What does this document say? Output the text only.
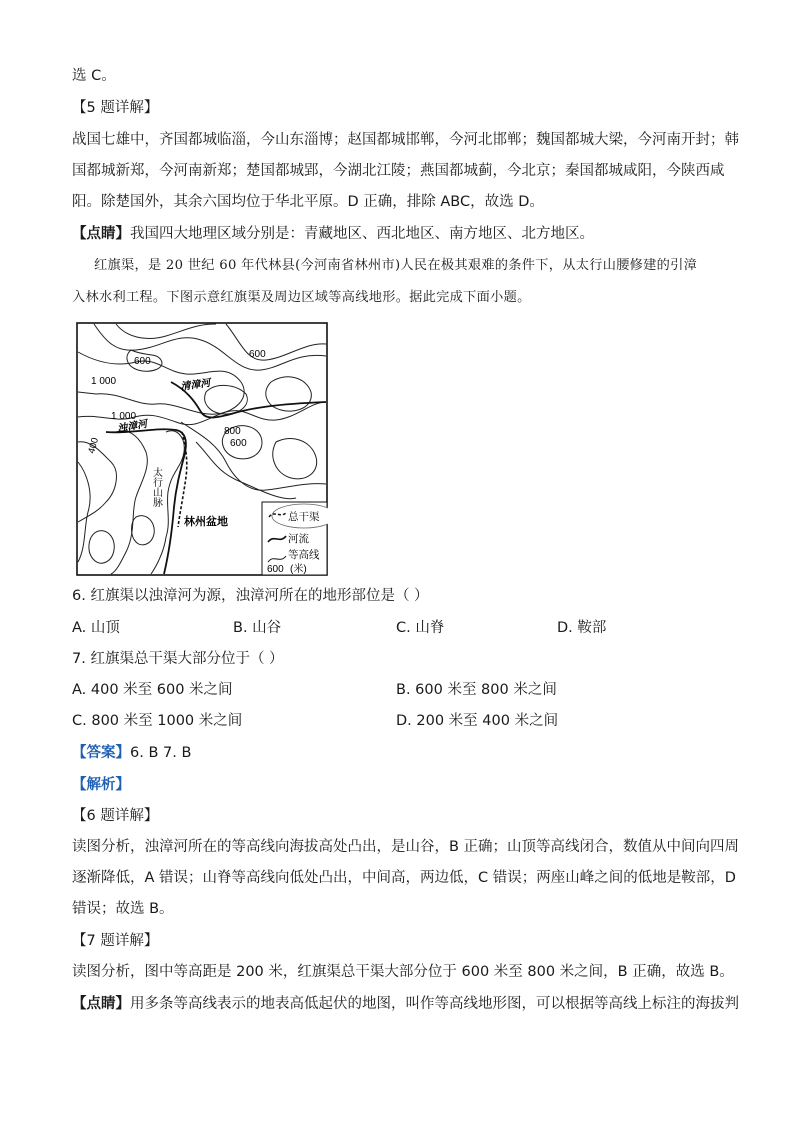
选 C。
【5 题详解】
战国七雄中，齐国都城临淄，今山东淄博；赵国都城邯郸，今河北邯郸；魏国都城大梁，今河南开封；韩
国都城新郑，今河南新郑；楚国都城郢，今湖北江陵；燕国都城蓟，今北京；秦国都城咸阳，今陕西咸
阳。除楚国外，其余六国均位于华北平原。D 正确，排除 ABC，故选 D。
【点睛】我国四大地理区域分别是：青藏地区、西北地区、南方地区、北方地区。
红旗渠，是 20 世纪 60 年代林县(今河南省林州市)人民在极其艰难的条件下，从太行山腰修建的引漳
入林水利工程。下图示意红旗渠及周边区域等高线地形。据此完成下面小题。
600
600
1 000
1 000
400
800
600
清漳河
浊漳河
太行山脉
林州盆地	总干渠
河流
等高线
600 (米)
6. 红旗渠以浊漳河为源，浊漳河所在的地形部位是（ ）
A. 山顶	B. 山谷	C. 山脊	D. 鞍部
7. 红旗渠总干渠大部分位于（ ）
A. 400 米至 600 米之间	B. 600 米至 800 米之间
C. 800 米至 1000 米之间	D. 200 米至 400 米之间
【答案】6. B 7. B
【解析】
【6 题详解】
读图分析，浊漳河所在的等高线向海拔高处凸出，是山谷，B 正确；山顶等高线闭合，数值从中间向四周
逐渐降低，A 错误；山脊等高线向低处凸出，中间高，两边低，C 错误；两座山峰之间的低地是鞍部，D
错误；故选 B。
【7 题详解】
读图分析，图中等高距是 200 米，红旗渠总干渠大部分位于 600 米至 800 米之间，B 正确，故选 B。
【点睛】用多条等高线表示的地表高低起伏的地图，叫作等高线地形图，可以根据等高线上标注的海拔判
